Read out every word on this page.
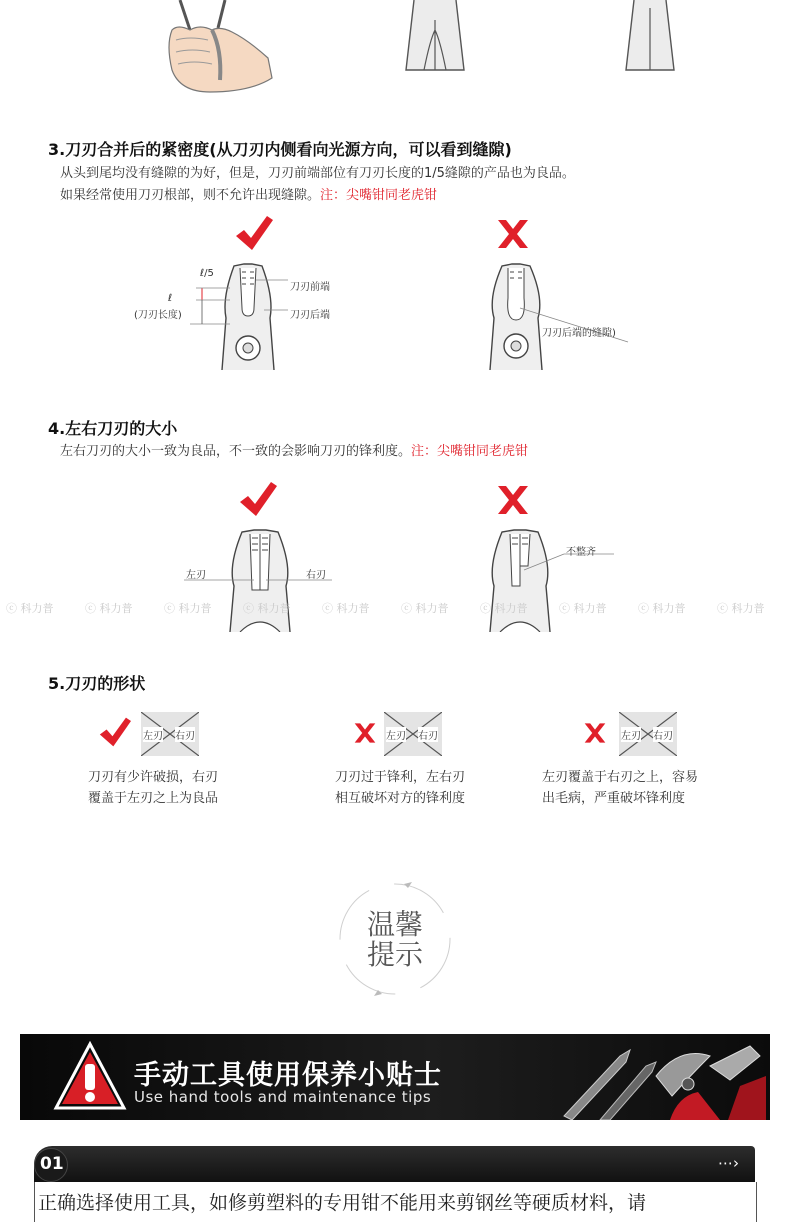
3.刀刃合并后的紧密度(从刀刃内侧看向光源方向，可以看到缝隙)
从头到尾均没有缝隙的为好，但是，刀刃前端部位有刀刃长度的1/5缝隙的产品也为良品。
如果经常使用刀刃根部，则不允许出现缝隙。注：尖嘴钳同老虎钳
ℓ/5
ℓ
(刀刃长度)
刀刃前端
刀刃后端
刀刃后端的缝隙)
4.左右刀刃的大小
左右刀刃的大小一致为良品，不一致的会影响刀刃的锋利度。注：尖嘴钳同老虎钳
左刃	右刃
不整齐
ⓒ 科力普	ⓒ 科力普	ⓒ 科力普	ⓒ 科力普	ⓒ 科力普	ⓒ 科力普	ⓒ 科力普	ⓒ 科力普	ⓒ 科力普	ⓒ 科力普
5.刀刃的形状
左刃 右刃
刀刃有少许破损，右刃
覆盖于左刃之上为良品
左刃 右刃
刀刃过于锋利，左右刃
相互破坏对方的锋利度
左刃 右刃
左刃覆盖于右刃之上，容易
出毛病，严重破坏锋利度
温馨
提示
手动工具使用保养小贴士
Use hand tools and maintenance tips
01	⋯›
正确选择使用工具，如修剪塑料的专用钳不能用来剪钢丝等硬质材料，请
